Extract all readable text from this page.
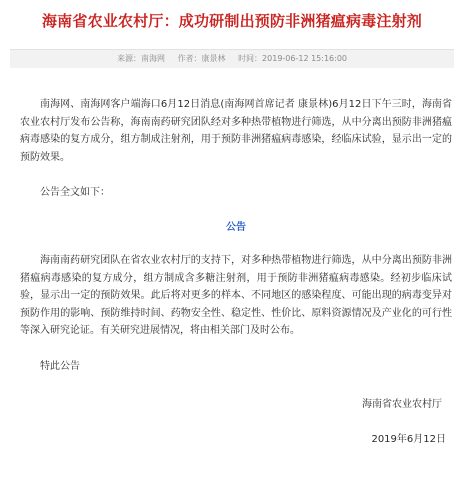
海南省农业农村厅：成功研制出预防非洲猪瘟病毒注射剂
来源：南海网 作者：康景林 时间：2019-06-12 15:16:00

南海网、南海网客户端海口6月12日消息(南海网首席记者 康景林)6月12日下午三时，海南省农业农村厅发布公告称，海南南药研究团队经对多种热带植物进行筛选，从中分离出预防非洲猪瘟病毒感染的复方成分，组方制成注射剂，用于预防非洲猪瘟病毒感染，经临床试验，显示出一定的预防效果。

公告全文如下：

公告

海南南药研究团队在省农业农村厅的支持下，对多种热带植物进行筛选，从中分离出预防非洲猪瘟病毒感染的复方成分，组方制成含多糖注射剂，用于预防非洲猪瘟病毒感染。经初步临床试验，显示出一定的预防效果。此后将对更多的样本、不同地区的感染程度、可能出现的病毒变异对预防作用的影响、预防维持时间、药物安全性、稳定性、性价比、原料资源情况及产业化的可行性等深入研究论证。有关研究进展情况，将由相关部门及时公布。

特此公告

海南省农业农村厅

2019年6月12日
